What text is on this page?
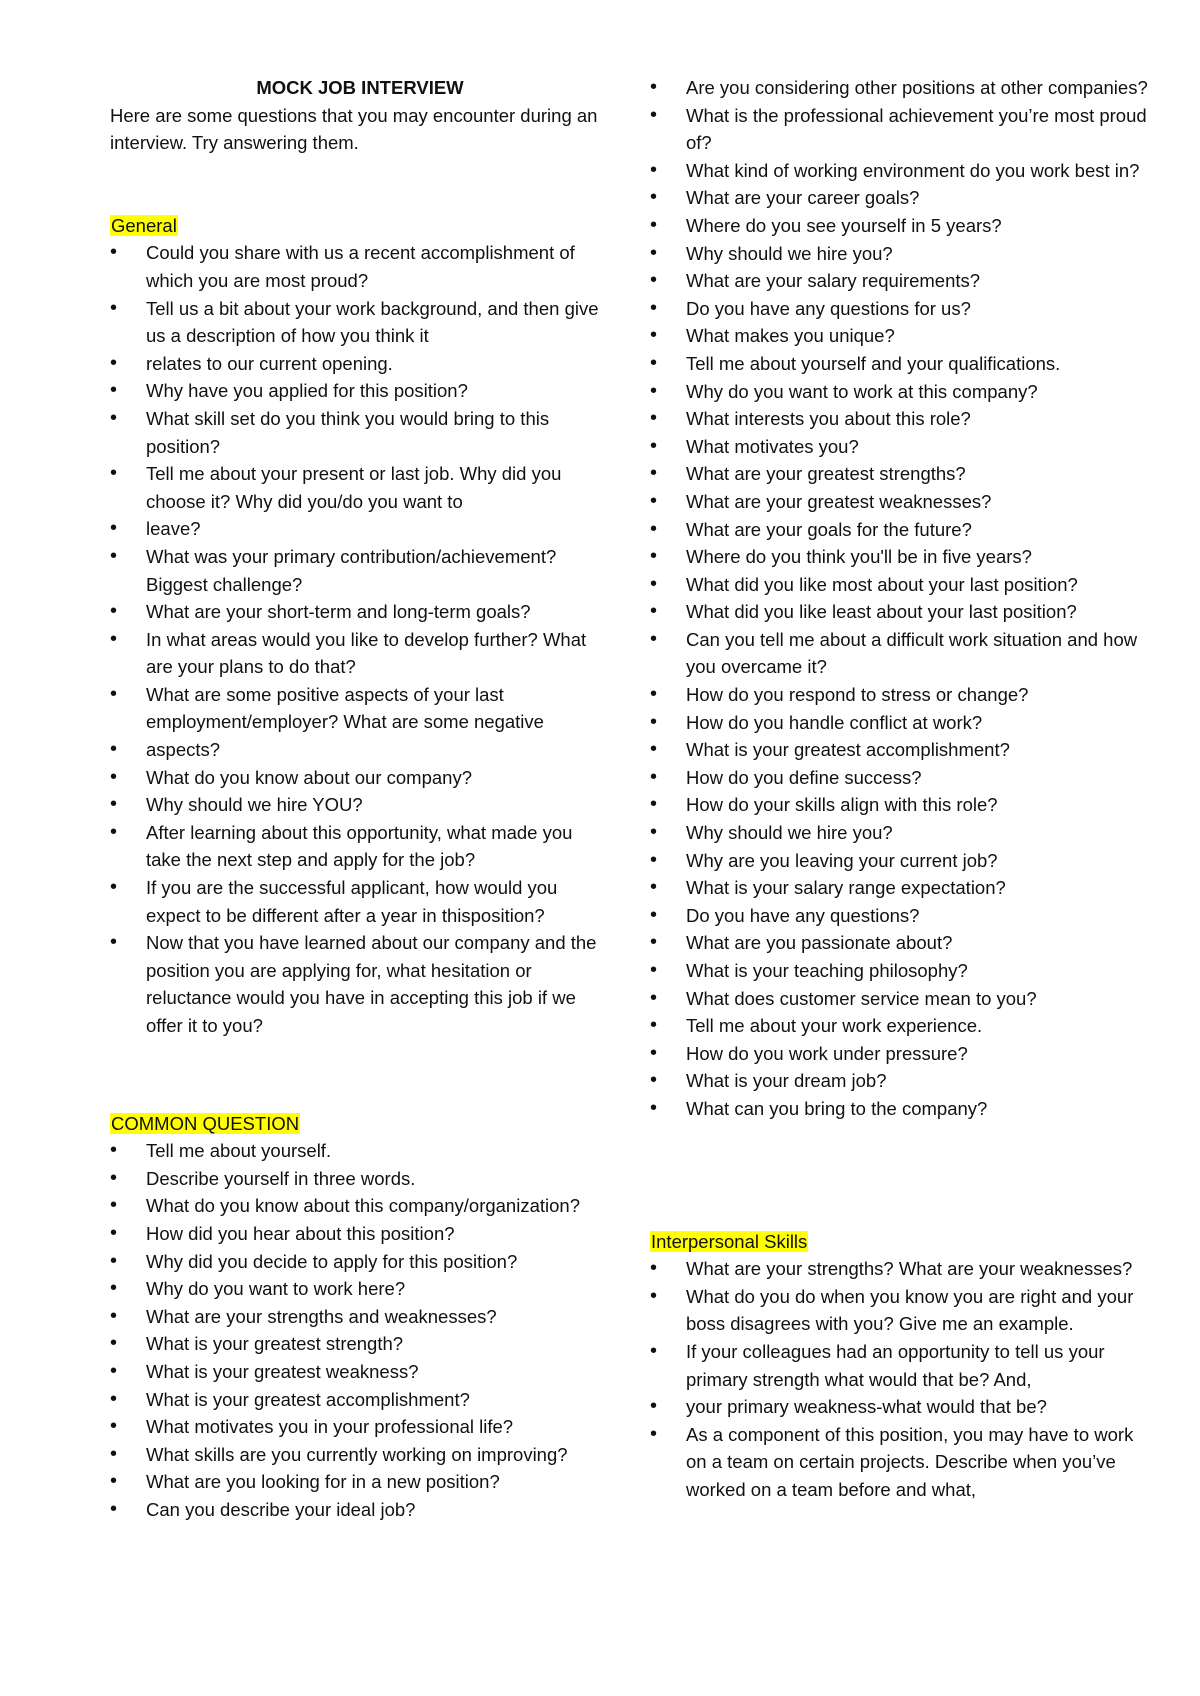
MOCK JOB INTERVIEW
Here are some questions that you may encounter during an interview. Try answering them.
General
• Could you share with us a recent accomplishment of which you are most proud?
• Tell us a bit about your work background, and then give us a description of how you think it
• relates to our current opening.
• Why have you applied for this position?
• What skill set do you think you would bring to this position?
• Tell me about your present or last job. Why did you choose it? Why did you/do you want to
• leave?
• What was your primary contribution/achievement? Biggest challenge?
• What are your short-term and long-term goals?
• In what areas would you like to develop further? What are your plans to do that?
• What are some positive aspects of your last employment/employer? What are some negative
• aspects?
• What do you know about our company?
• Why should we hire YOU?
• After learning about this opportunity, what made you take the next step and apply for the job?
• If you are the successful applicant, how would you expect to be different after a year in thisposition?
• Now that you have learned about our company and the position you are applying for, what hesitation or reluctance would you have in accepting this job if we offer it to you?
COMMON QUESTION
• Tell me about yourself.
• Describe yourself in three words.
• What do you know about this company/organization?
• How did you hear about this position?
• Why did you decide to apply for this position?
• Why do you want to work here?
• What are your strengths and weaknesses?
• What is your greatest strength?
• What is your greatest weakness?
• What is your greatest accomplishment?
• What motivates you in your professional life?
• What skills are you currently working on improving?
• What are you looking for in a new position?
• Can you describe your ideal job?
• Are you considering other positions at other companies?
• What is the professional achievement you’re most proud of?
• What kind of working environment do you work best in?
• What are your career goals?
• Where do you see yourself in 5 years?
• Why should we hire you?
• What are your salary requirements?
• Do you have any questions for us?
• What makes you unique?
• Tell me about yourself and your qualifications.
• Why do you want to work at this company?
• What interests you about this role?
• What motivates you?
• What are your greatest strengths?
• What are your greatest weaknesses?
• What are your goals for the future?
• Where do you think you'll be in five years?
• What did you like most about your last position?
• What did you like least about your last position?
• Can you tell me about a difficult work situation and how you overcame it?
• How do you respond to stress or change?
• How do you handle conflict at work?
• What is your greatest accomplishment?
• How do you define success?
• How do your skills align with this role?
• Why should we hire you?
• Why are you leaving your current job?
• What is your salary range expectation?
• Do you have any questions?
• What are you passionate about?
• What is your teaching philosophy?
• What does customer service mean to you?
• Tell me about your work experience.
• How do you work under pressure?
• What is your dream job?
• What can you bring to the company?
Interpersonal Skills
• What are your strengths? What are your weaknesses?
• What do you do when you know you are right and your boss disagrees with you? Give me an example.
• If your colleagues had an opportunity to tell us your primary strength what would that be? And,
• your primary weakness-what would that be?
• As a component of this position, you may have to work on a team on certain projects. Describe when you’ve worked on a team before and what,
